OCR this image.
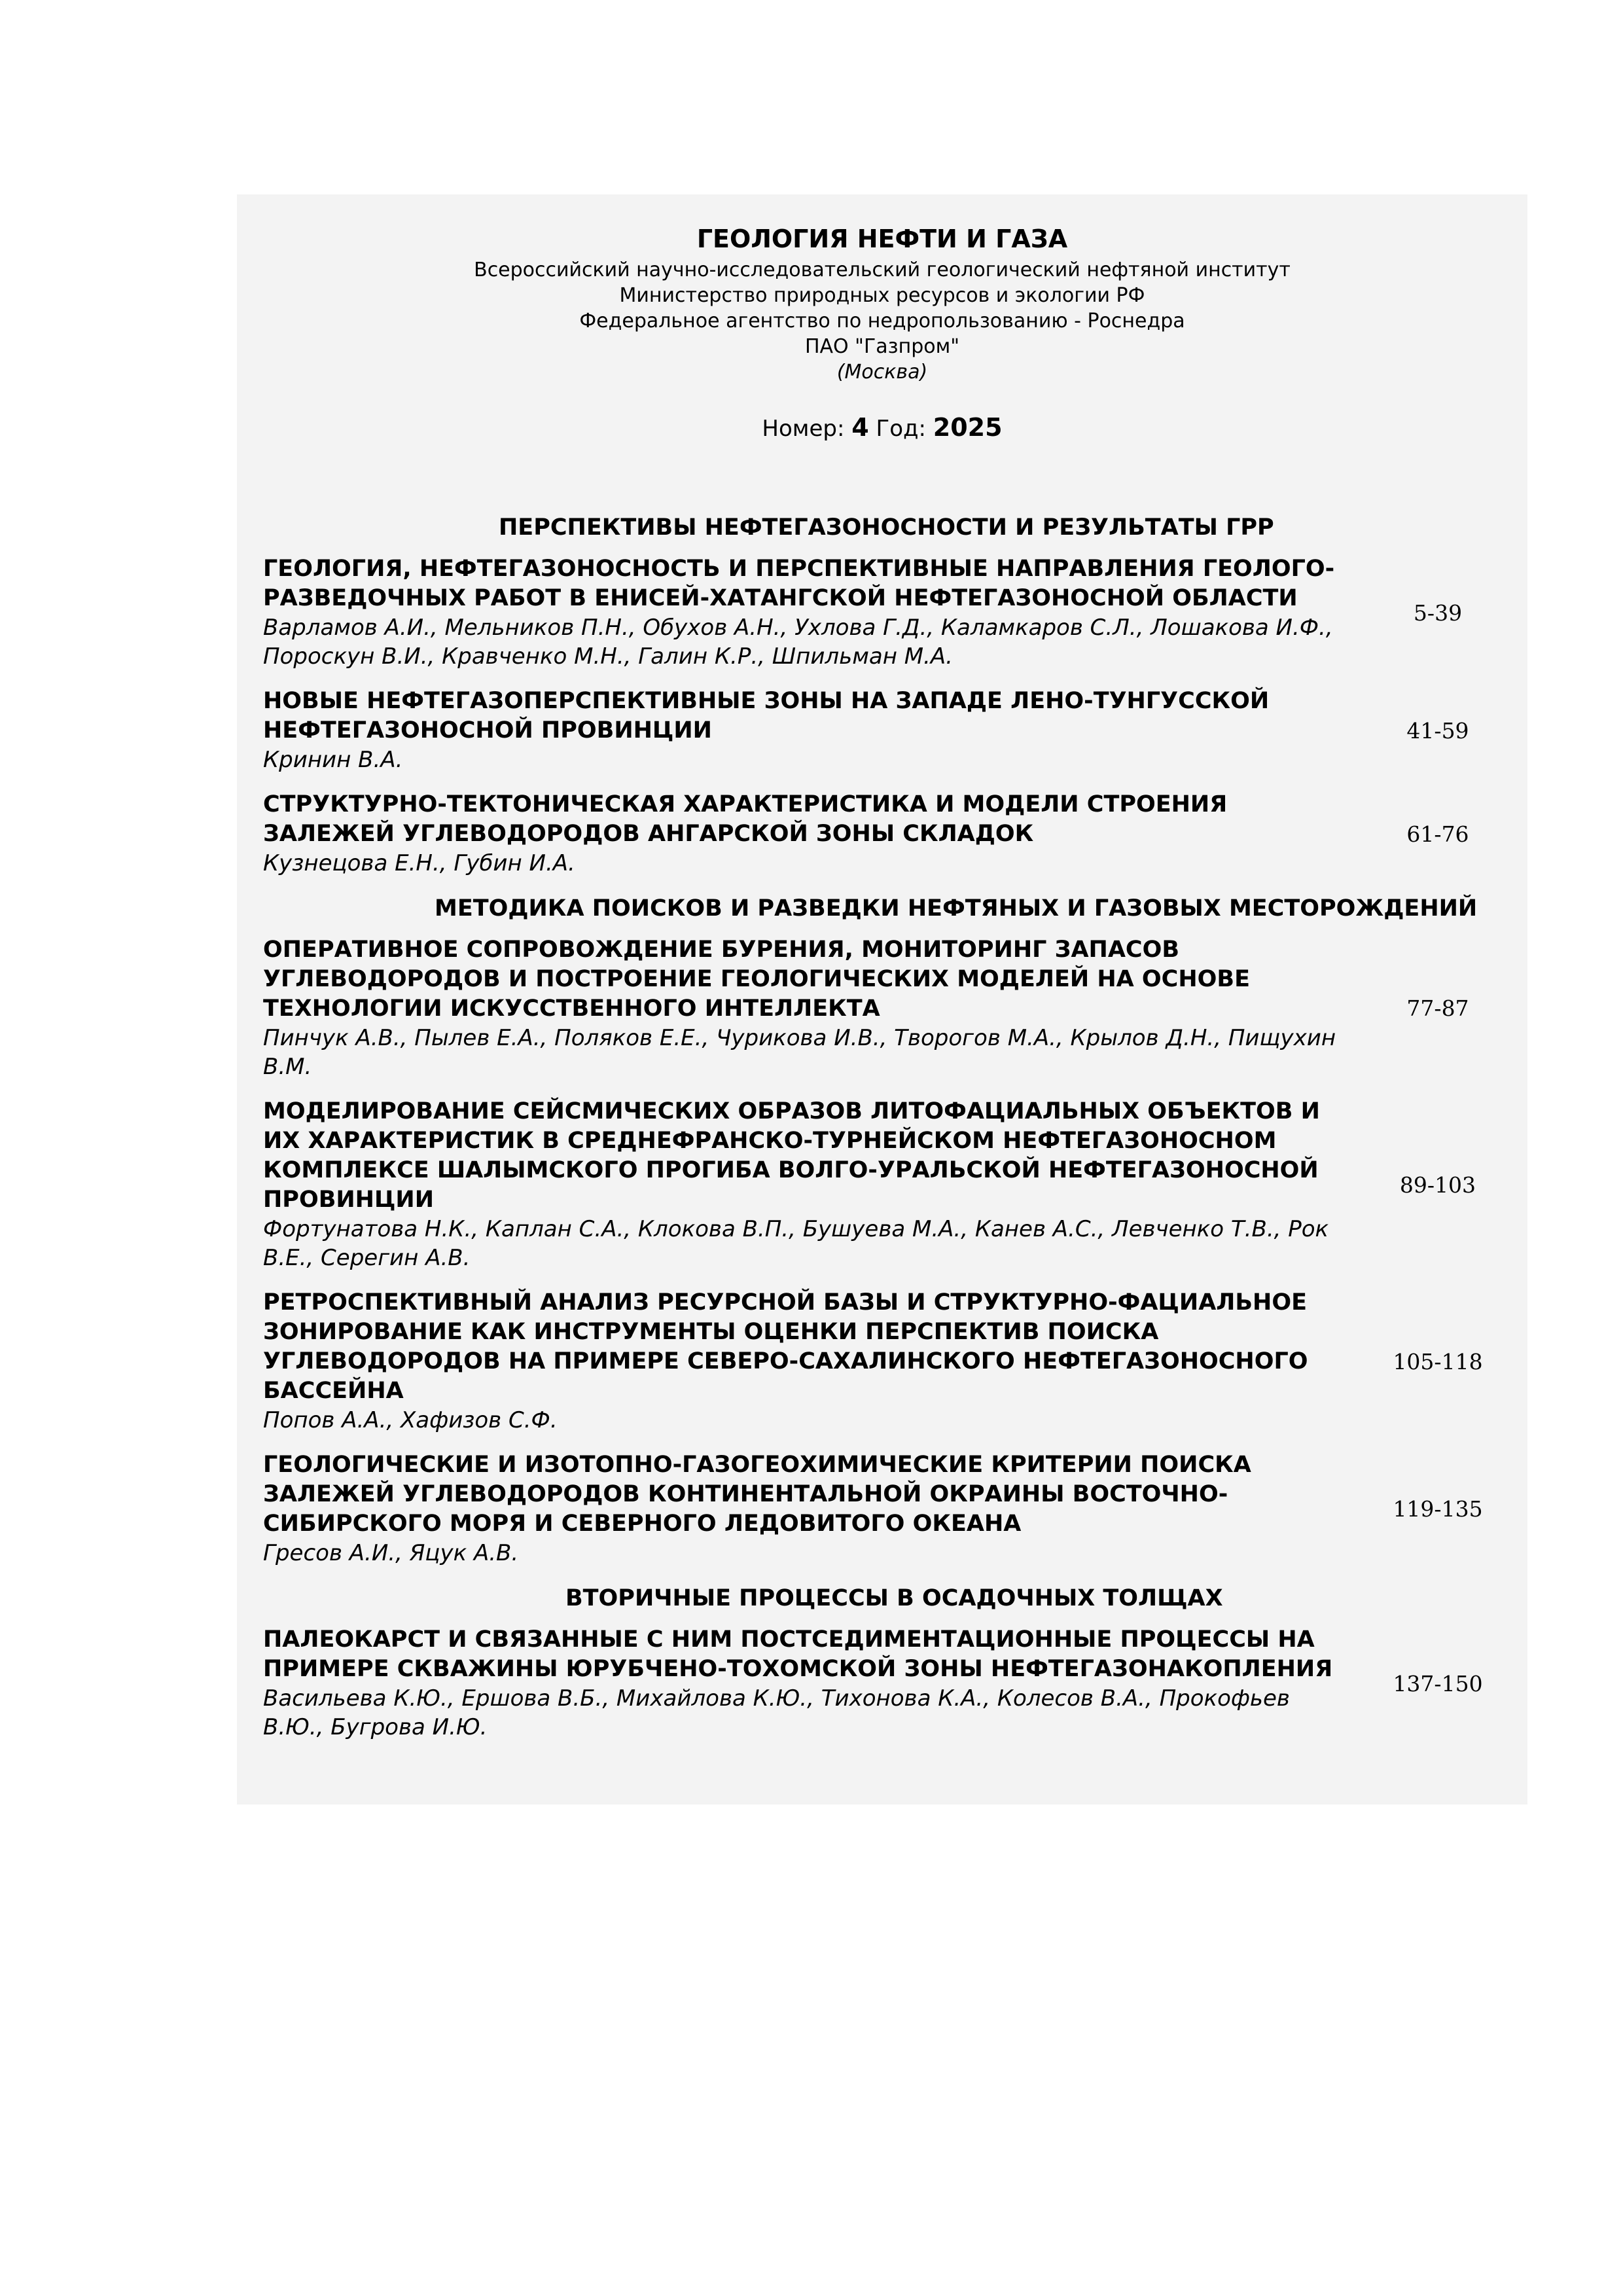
ГЕОЛОГИЯ НЕФТИ И ГАЗА
Всероссийский научно-исследовательский геологический нефтяной институт
Министерство природных ресурсов и экологии РФ
Федеральное агентство по недропользованию - Роснедра
ПАО "Газпром"
(Москва)
Номер: 4 Год: 2025
ПЕРСПЕКТИВЫ НЕФТЕГАЗОНОСНОСТИ И РЕЗУЛЬТАТЫ ГРР
ГЕОЛОГИЯ, НЕФТЕГАЗОНОСНОСТЬ И ПЕРСПЕКТИВНЫЕ НАПРАВЛЕНИЯ ГЕОЛОГО-РАЗВЕДОЧНЫХ РАБОТ В ЕНИСЕЙ-ХАТАНГСКОЙ НЕФТЕГАЗОНОСНОЙ ОБЛАСТИ
Варламов А.И., Мельников П.Н., Обухов А.Н., Ухлова Г.Д., Каламкаров С.Л., Лошакова И.Ф., Пороскун В.И., Кравченко М.Н., Галин К.Р., Шпильман М.А.
5-39
НОВЫЕ НЕФТЕГАЗОПЕРСПЕКТИВНЫЕ ЗОНЫ НА ЗАПАДЕ ЛЕНО-ТУНГУССКОЙ НЕФТЕГАЗОНОСНОЙ ПРОВИНЦИИ
Кринин В.А.
41-59
СТРУКТУРНО-ТЕКТОНИЧЕСКАЯ ХАРАКТЕРИСТИКА И МОДЕЛИ СТРОЕНИЯ ЗАЛЕЖЕЙ УГЛЕВОДОРОДОВ АНГАРСКОЙ ЗОНЫ СКЛАДОК
Кузнецова Е.Н., Губин И.А.
61-76
МЕТОДИКА ПОИСКОВ И РАЗВЕДКИ НЕФТЯНЫХ И ГАЗОВЫХ МЕСТОРОЖДЕНИЙ
ОПЕРАТИВНОЕ СОПРОВОЖДЕНИЕ БУРЕНИЯ, МОНИТОРИНГ ЗАПАСОВ УГЛЕВОДОРОДОВ И ПОСТРОЕНИЕ ГЕОЛОГИЧЕСКИХ МОДЕЛЕЙ НА ОСНОВЕ ТЕХНОЛОГИИ ИСКУССТВЕННОГО ИНТЕЛЛЕКТА
Пинчук А.В., Пылев Е.А., Поляков Е.Е., Чурикова И.В., Творогов М.А., Крылов Д.Н., Пищухин В.М.
77-87
МОДЕЛИРОВАНИЕ СЕЙСМИЧЕСКИХ ОБРАЗОВ ЛИТОФАЦИАЛЬНЫХ ОБЪЕКТОВ И ИХ ХАРАКТЕРИСТИК В СРЕДНЕФРАНСКО-ТУРНЕЙСКОМ НЕФТЕГАЗОНОСНОМ КОМПЛЕКСЕ ШАЛЫМСКОГО ПРОГИБА ВОЛГО-УРАЛЬСКОЙ НЕФТЕГАЗОНОСНОЙ ПРОВИНЦИИ
Фортунатова Н.К., Каплан С.А., Клокова В.П., Бушуева М.А., Канев А.С., Левченко Т.В., Рок В.Е., Серегин А.В.
89-103
РЕТРОСПЕКТИВНЫЙ АНАЛИЗ РЕСУРСНОЙ БАЗЫ И СТРУКТУРНО-ФАЦИАЛЬНОЕ ЗОНИРОВАНИЕ КАК ИНСТРУМЕНТЫ ОЦЕНКИ ПЕРСПЕКТИВ ПОИСКА УГЛЕВОДОРОДОВ НА ПРИМЕРЕ СЕВЕРО-САХАЛИНСКОГО НЕФТЕГАЗОНОСНОГО БАССЕЙНА
Попов А.А., Хафизов С.Ф.
105-118
ГЕОЛОГИЧЕСКИЕ И ИЗОТОПНО-ГАЗОГЕОХИМИЧЕСКИЕ КРИТЕРИИ ПОИСКА ЗАЛЕЖЕЙ УГЛЕВОДОРОДОВ КОНТИНЕНТАЛЬНОЙ ОКРАИНЫ ВОСТОЧНО-СИБИРСКОГО МОРЯ И СЕВЕРНОГО ЛЕДОВИТОГО ОКЕАНА
Гресов А.И., Яцук А.В.
119-135
ВТОРИЧНЫЕ ПРОЦЕССЫ В ОСАДОЧНЫХ ТОЛЩАХ
ПАЛЕОКАРСТ И СВЯЗАННЫЕ С НИМ ПОСТСЕДИМЕНТАЦИОННЫЕ ПРОЦЕССЫ НА ПРИМЕРЕ СКВАЖИНЫ ЮРУБЧЕНО-ТОХОМСКОЙ ЗОНЫ НЕФТЕГАЗОНАКОПЛЕНИЯ
Васильева К.Ю., Ершова В.Б., Михайлова К.Ю., Тихонова К.А., Колесов В.А., Прокофьев В.Ю., Бугрова И.Ю.
137-150
